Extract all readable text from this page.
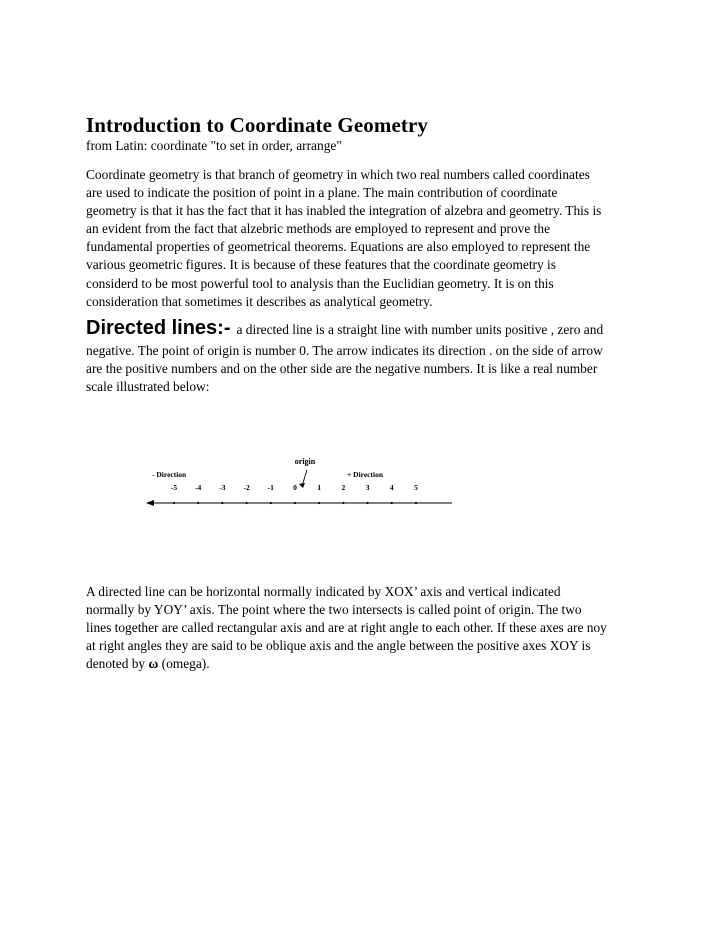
Introduction to Coordinate Geometry
from Latin: coordinate "to set in order, arrange"
Coordinate geometry is that branch of geometry in which two real numbers called coordinates
are used to indicate the position of point in a plane. The main contribution of coordinate
geometry is that it has the fact that it has inabled the integration of alzebra and geometry. This is
an evident from the fact that alzebric methods are employed to represent and prove the
fundamental properties of geometrical theorems. Equations are also employed to represent the
various geometric figures. It is because of these features that the coordinate geometry is
considerd to be most powerful tool to analysis than the Euclidian geometry. It is on this
consideration that sometimes it describes as analytical geometry.
Directed lines:- a directed line is a straight line with number units positive , zero and
negative. The point of origin is number 0. The arrow indicates its direction . on the side of arrow
are the positive numbers and on the other side are the negative numbers. It is like a real number
scale illustrated below:
origin
- Direction	+ Direction
-5 -4 -3 -2 -1	0	1	2	3	4	5
A directed line can be horizontal normally indicated by XOX’ axis and vertical indicated
normally by YOY’ axis. The point where the two intersects is called point of origin. The two
lines together are called rectangular axis and are at right angle to each other. If these axes are noy
at right angles they are said to be oblique axis and the angle between the positive axes XOY is
denoted by ω (omega).
